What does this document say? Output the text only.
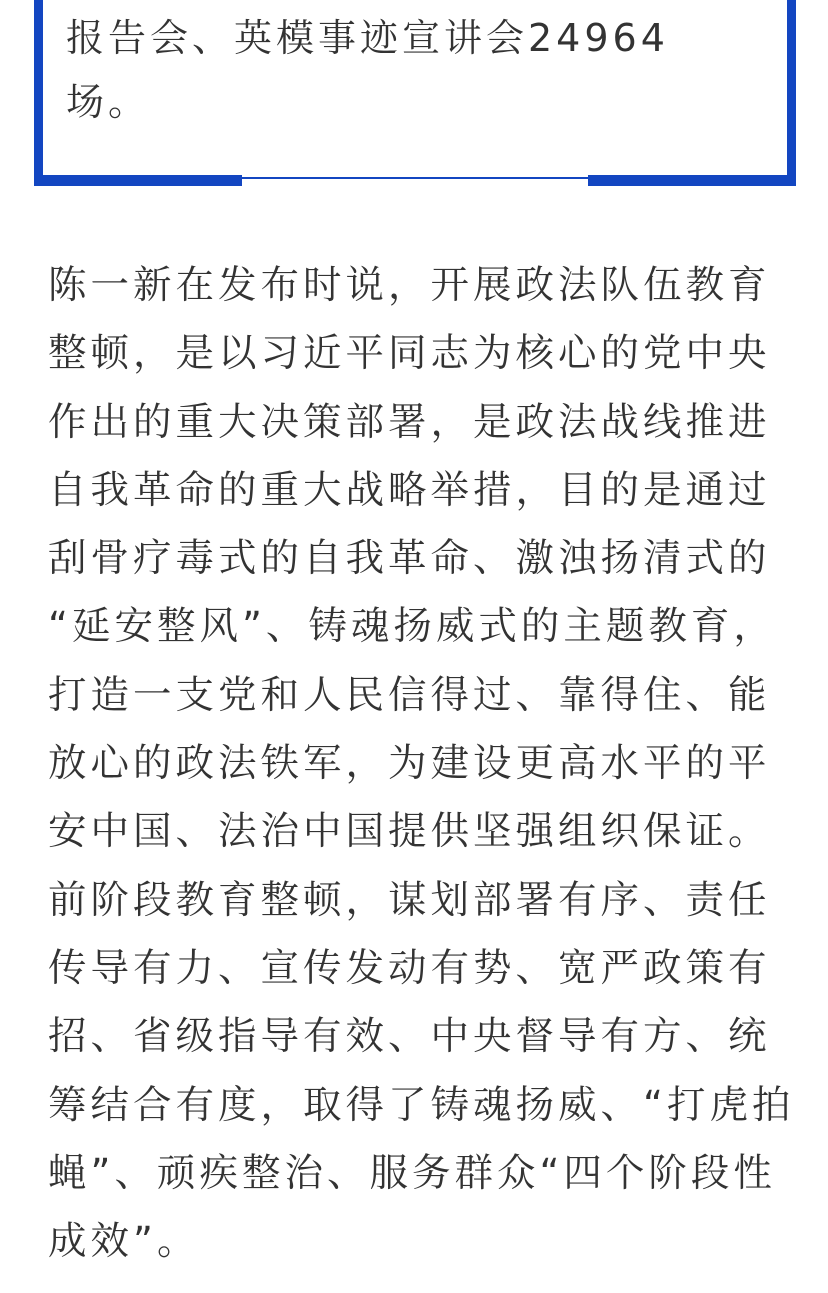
报告会、英模事迹宣讲会24964
场。
陈一新在发布时说，开展政法队伍教育
整顿，是以习近平同志为核心的党中央
作出的重大决策部署，是政法战线推进
自我革命的重大战略举措，目的是通过
刮骨疗毒式的自我革命、激浊扬清式的
“延安整风”、铸魂扬威式的主题教育，
打造一支党和人民信得过、靠得住、能
放心的政法铁军，为建设更高水平的平
安中国、法治中国提供坚强组织保证。
前阶段教育整顿，谋划部署有序、责任
传导有力、宣传发动有势、宽严政策有
招、省级指导有效、中央督导有方、统
筹结合有度，取得了铸魂扬威、“打虎拍
蝇”、顽疾整治、服务群众“四个阶段性
成效”。
